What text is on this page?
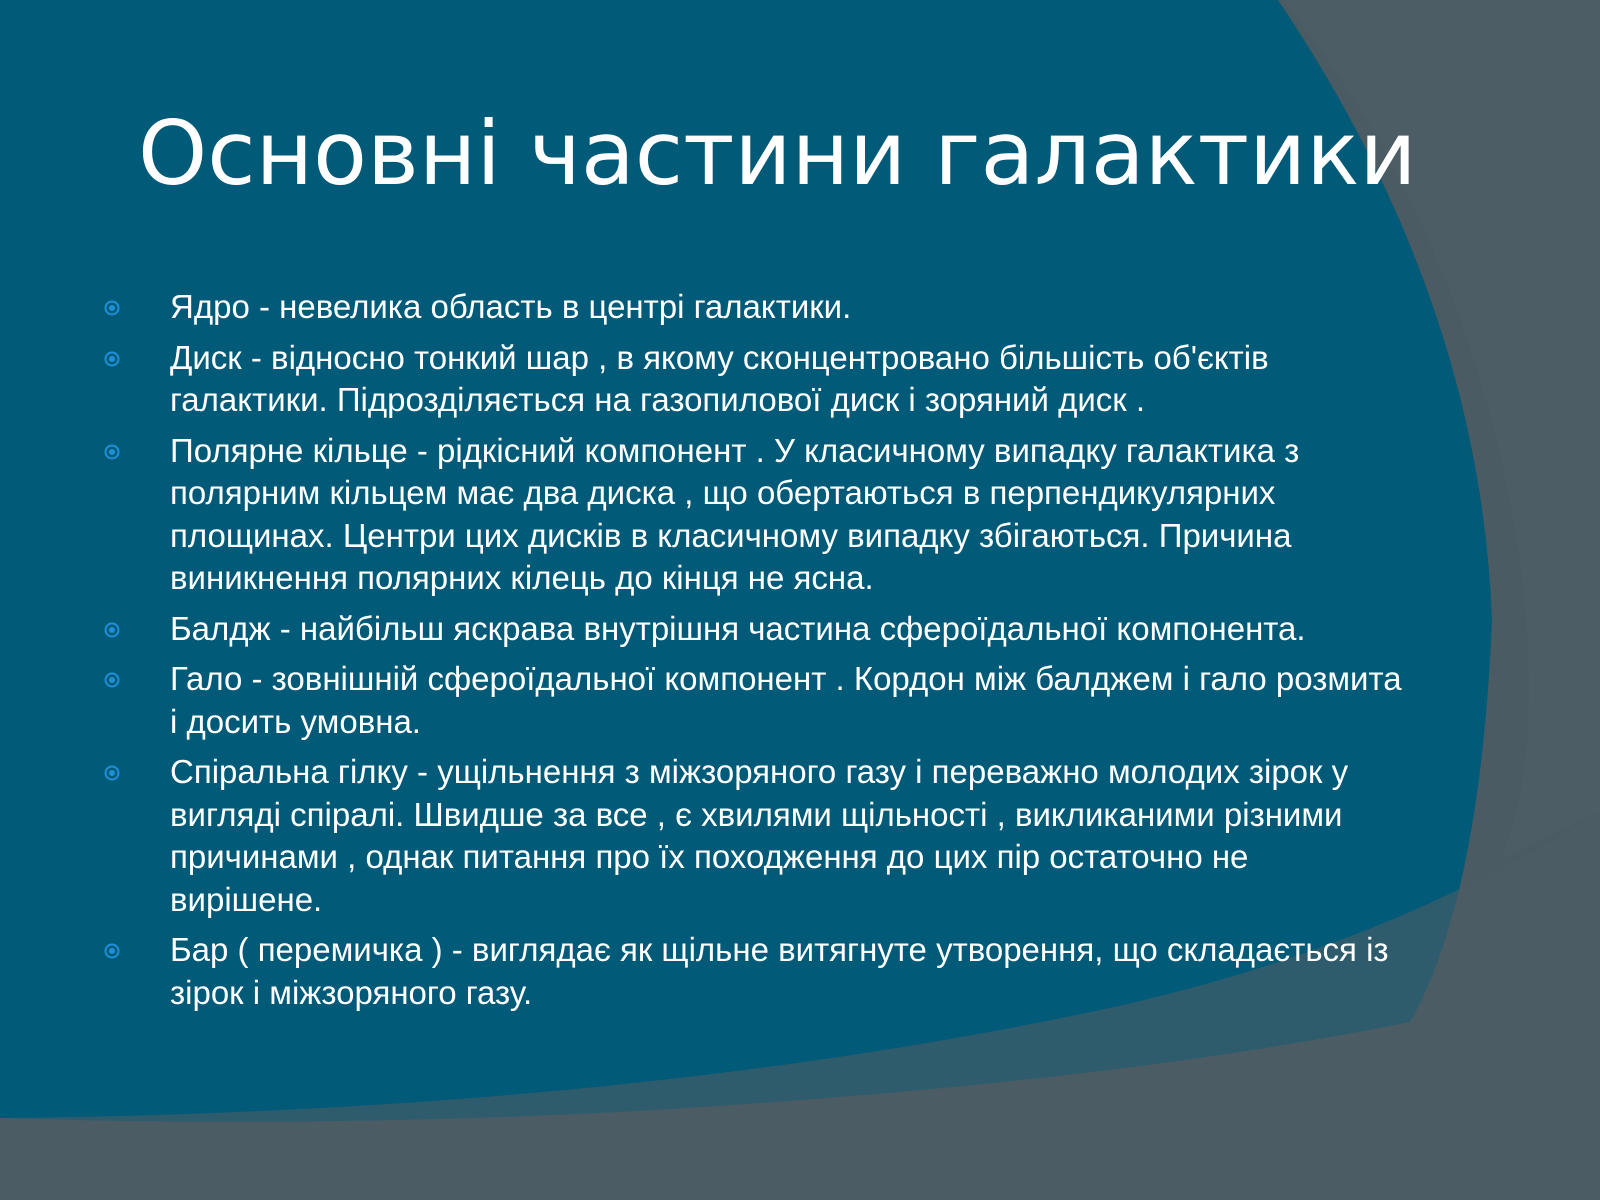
Основні частини галактики
Ядро - невелика область в центрі галактики.
Диск - відносно тонкий шар , в якому сконцентровано більшість об'єктів галактики. Підрозділяється на газопилової диск і зоряний диск .
Полярне кільце - рідкісний компонент . У класичному випадку галактика з полярним кільцем має два диска , що обертаються в перпендикулярних площинах. Центри цих дисків в класичному випадку збігаються. Причина виникнення полярних кілець до кінця не ясна.
Балдж - найбільш яскрава внутрішня частина сфероїдальної компонента.
Гало - зовнішній сфероїдальної компонент . Кордон між балджем і гало розмита і досить умовна.
Спіральна гілку - ущільнення з міжзоряного газу і переважно молодих зірок у вигляді спіралі. Швидше за все , є хвилями щільності , викликаними різними причинами , однак питання про їх походження до цих пір остаточно не вирішене.
Бар ( перемичка ) - виглядає як щільне витягнуте утворення, що складається із зірок і міжзоряного газу.
